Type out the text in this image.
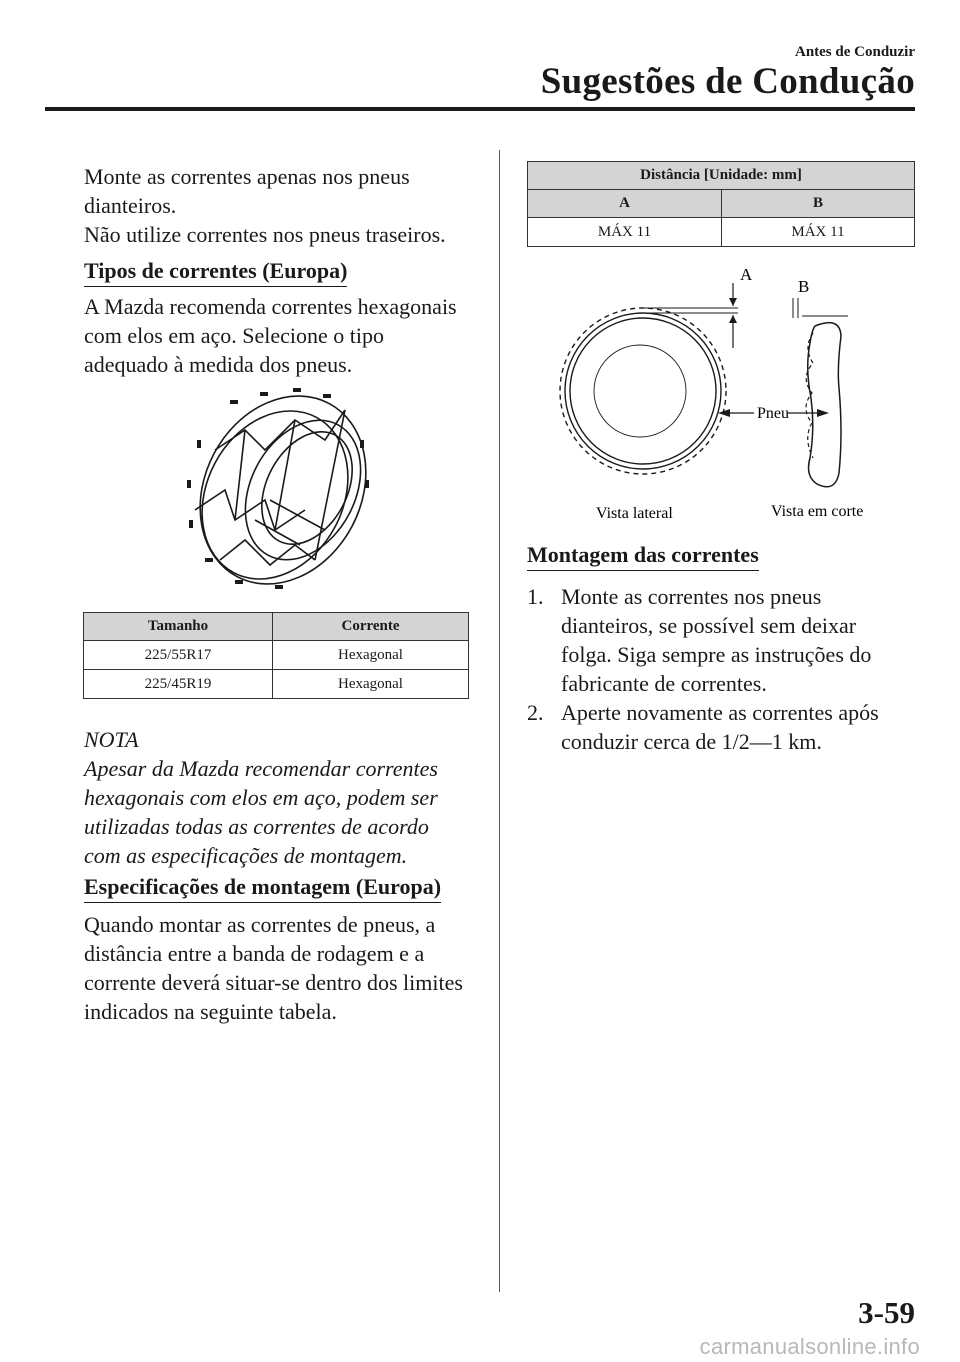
Antes de Conduzir
Sugestões de Condução
Monte as correntes apenas nos pneus
dianteiros.
Não utilize correntes nos pneus traseiros.
Tipos de correntes (Europa)
A Mazda recomenda correntes hexagonais
com elos em aço. Selecione o tipo
adequado à medida dos pneus.
Tamanho	Corrente
225/55R17	Hexagonal
225/45R19	Hexagonal
NOTA
Apesar da Mazda recomendar correntes
hexagonais com elos em aço, podem ser
utilizadas todas as correntes de acordo
com as especificações de montagem.
Especificações de montagem (Europa)
Quando montar as correntes de pneus, a
distância entre a banda de rodagem e a
corrente deverá situar-se dentro dos limites
indicados na seguinte tabela.
Distância [Unidade: mm]	
A	B
MÁX 11	MÁX 11
A
B
Pneu
Vista lateral	Vista em corte
Montagem das correntes
1. Monte as correntes nos pneus
dianteiros, se possível sem deixar
folga. Siga sempre as instruções do
fabricante de correntes.
2. Aperte novamente as correntes após
conduzir cerca de 1/2―1 km.
3-59
carmanualsonline.info
